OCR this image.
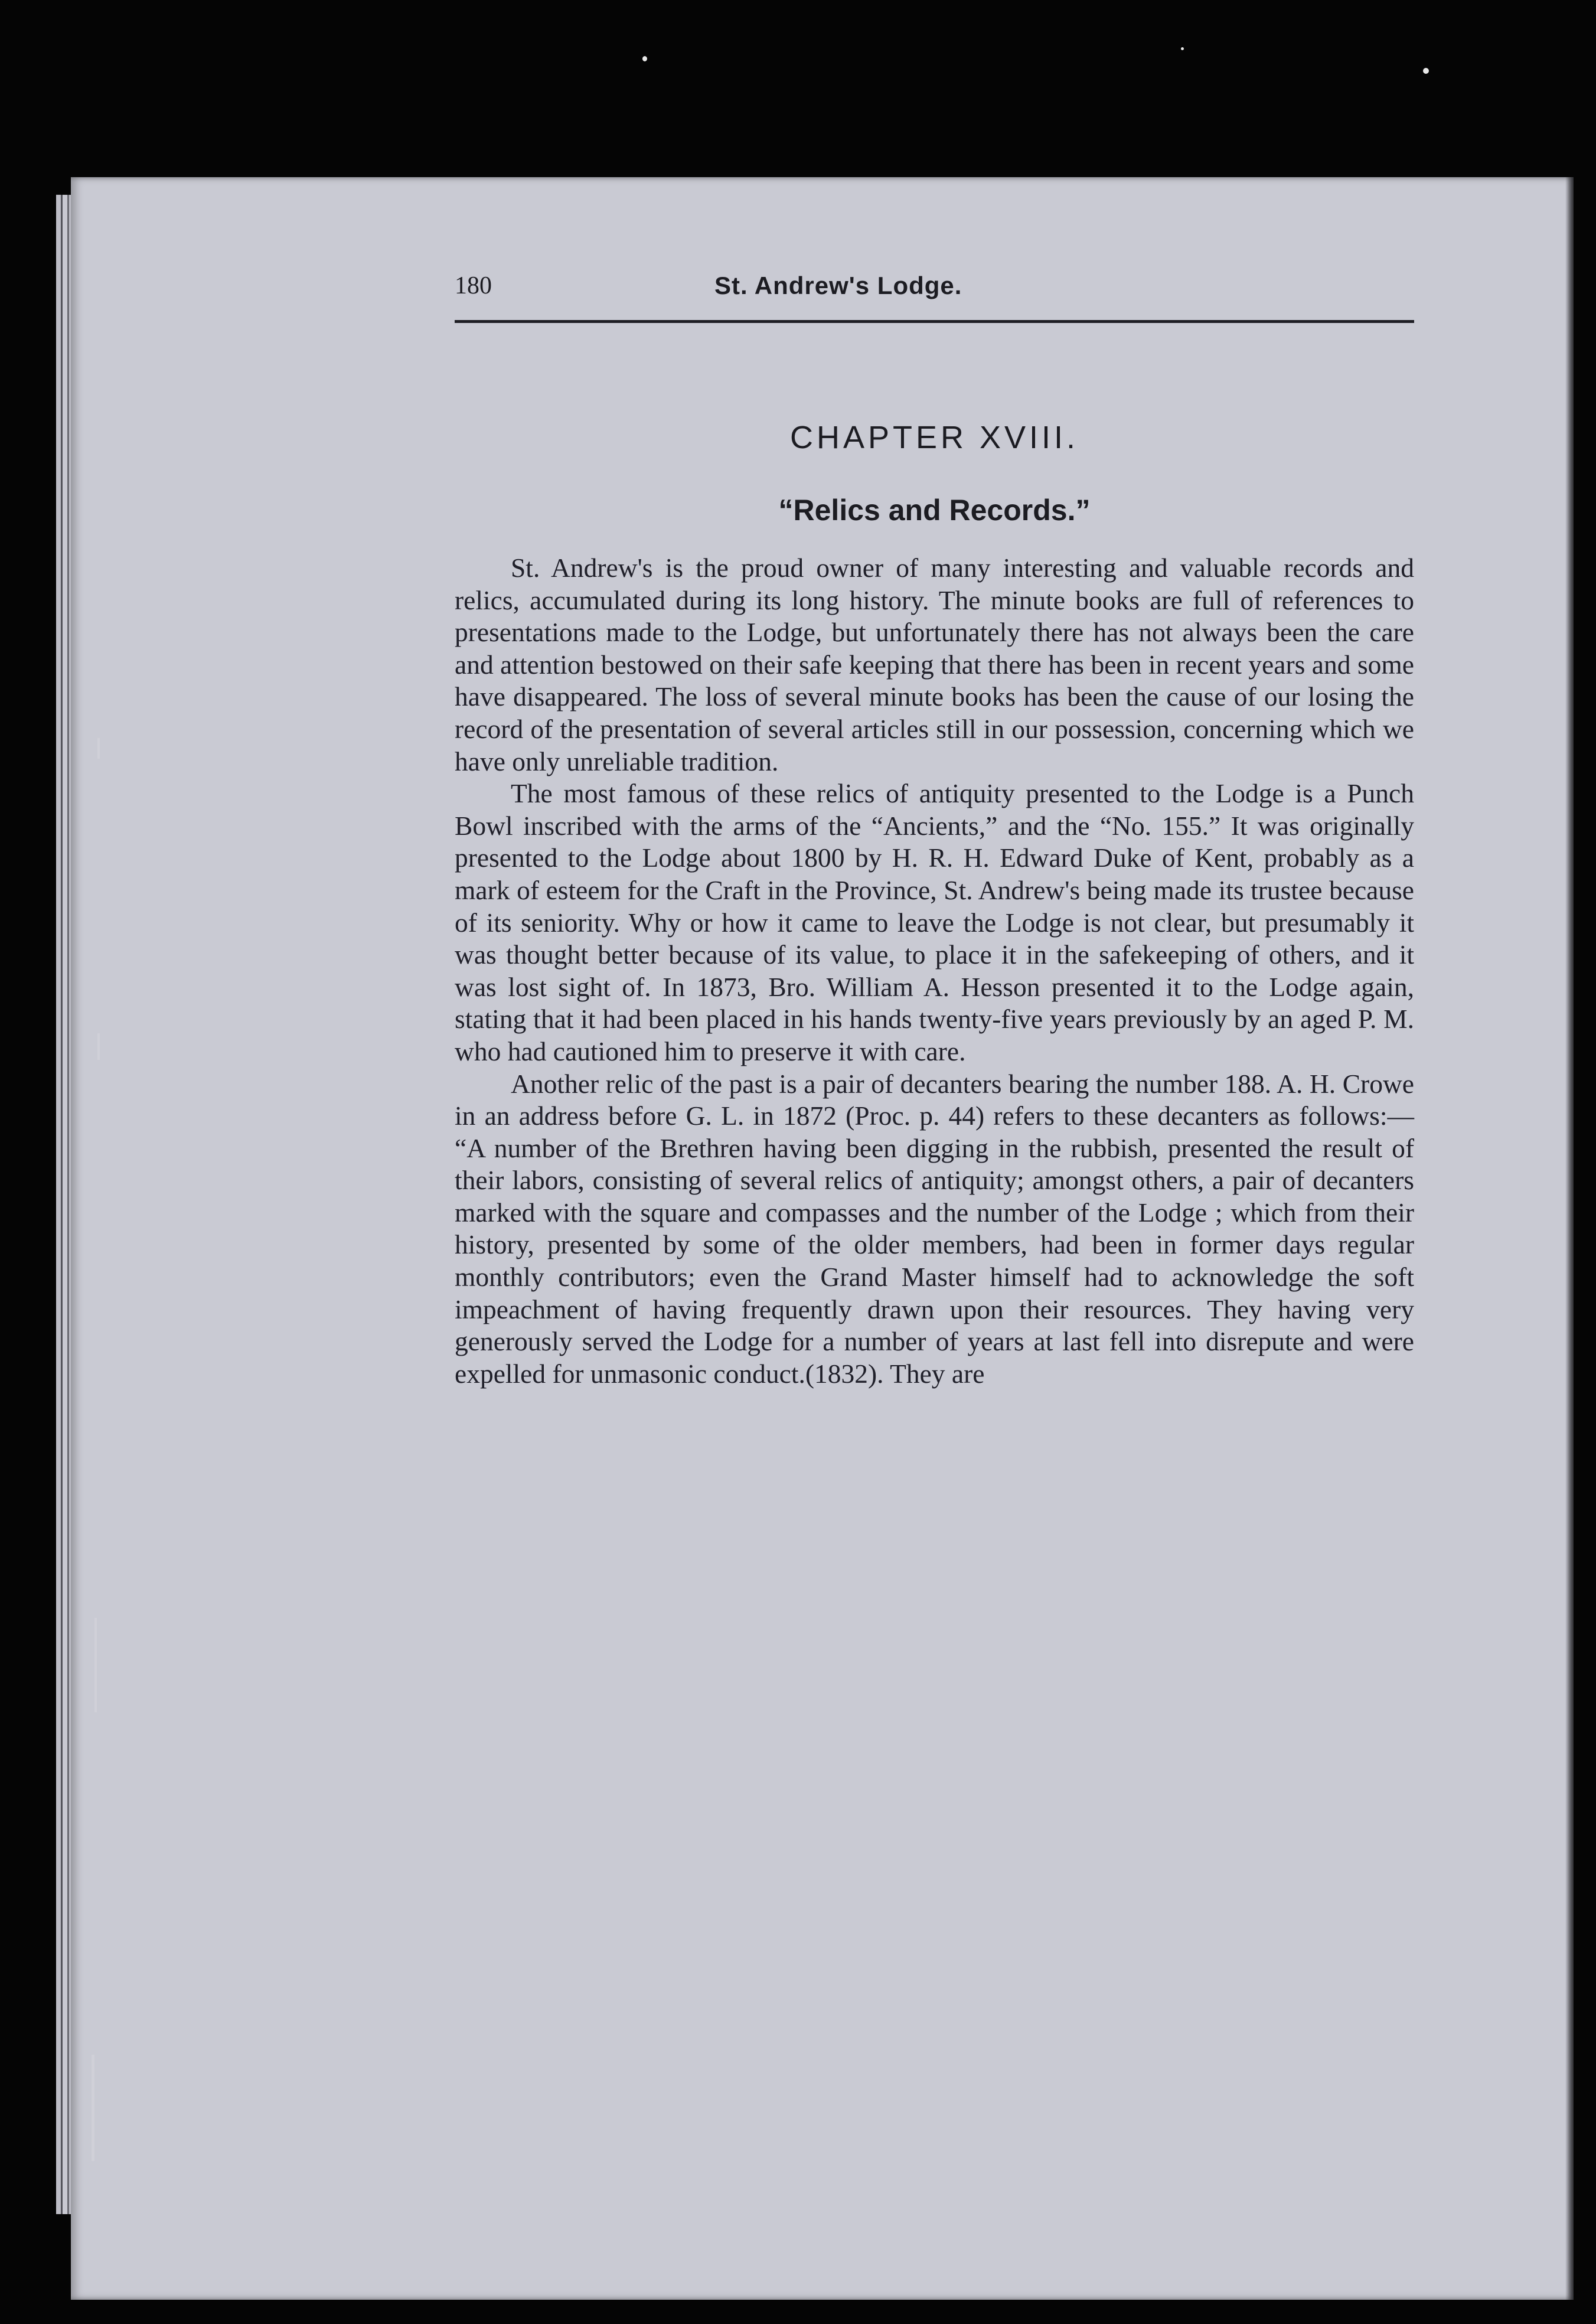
180	St. Andrew's Lodge.
CHAPTER XVIII.
“Relics and Records.”

St. Andrew's is the proud owner of many interesting and valuable records and relics, accumulated during its long history. The minute books are full of references to presentations made to the Lodge, but unfortunately there has not always been the care and attention bestowed on their safe keeping that there has been in recent years and some have disappeared. The loss of several minute books has been the cause of our losing the record of the presentation of several articles still in our possession, concerning which we have only unreliable tradition.

The most famous of these relics of antiquity presented to the Lodge is a Punch Bowl inscribed with the arms of the “Ancients,” and the “No. 155.” It was originally presented to the Lodge about 1800 by H. R. H. Edward Duke of Kent, probably as a mark of esteem for the Craft in the Province, St. Andrew's being made its trustee because of its seniority. Why or how it came to leave the Lodge is not clear, but presumably it was thought better because of its value, to place it in the safekeeping of others, and it was lost sight of. In 1873, Bro. William A. Hesson presented it to the Lodge again, stating that it had been placed in his hands twenty-five years previously by an aged P. M. who had cautioned him to preserve it with care.

Another relic of the past is a pair of decanters bearing the number 188. A. H. Crowe in an address before G. L. in 1872 (Proc. p. 44) refers to these decanters as follows:— “A number of the Brethren having been digging in the rubbish, presented the result of their labors, consisting of several relics of antiquity; amongst others, a pair of decanters marked with the square and compasses and the number of the Lodge ; which from their history, presented by some of the older members, had been in former days regular monthly contributors; even the Grand Master himself had to acknowledge the soft impeachment of having frequently drawn upon their resources. They having very generously served the Lodge for a number of years at last fell into disrepute and were expelled for unmasonic conduct.(1832). They are
